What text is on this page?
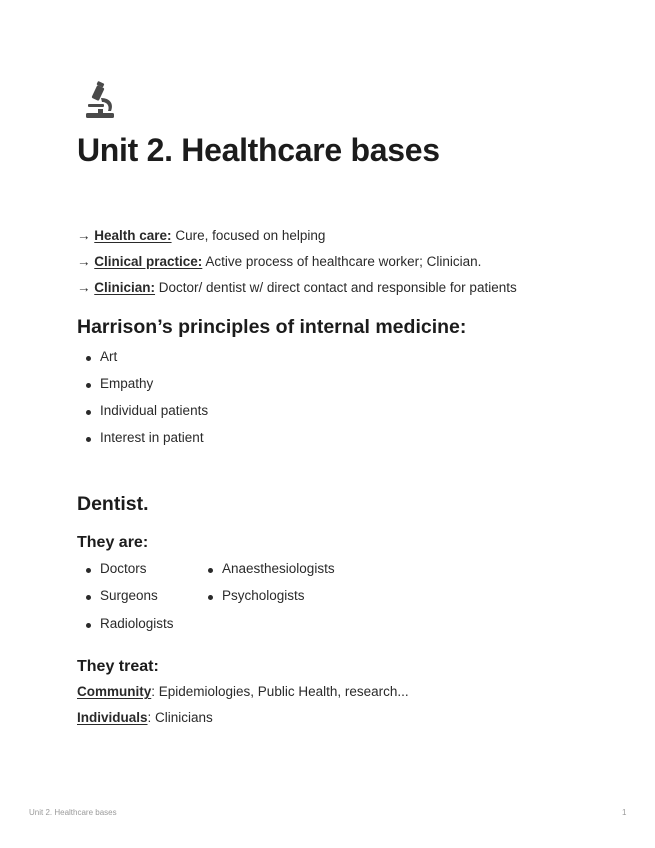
Unit 2. Healthcare bases
→ Health care: Cure, focused on helping
→ Clinical practice: Active process of healthcare worker; Clinician.
→ Clinician: Doctor/ dentist w/ direct contact and responsible for patients
Harrison’s principles of internal medicine:
Art
Empathy
Individual patients
Interest in patient
Dentist.
They are:
Doctors
Surgeons
Radiologists
Anaesthesiologists
Psychologists
They treat:
Community: Epidemiologies, Public Health, research...
Individuals: Clinicians
Unit 2. Healthcare bases	1
